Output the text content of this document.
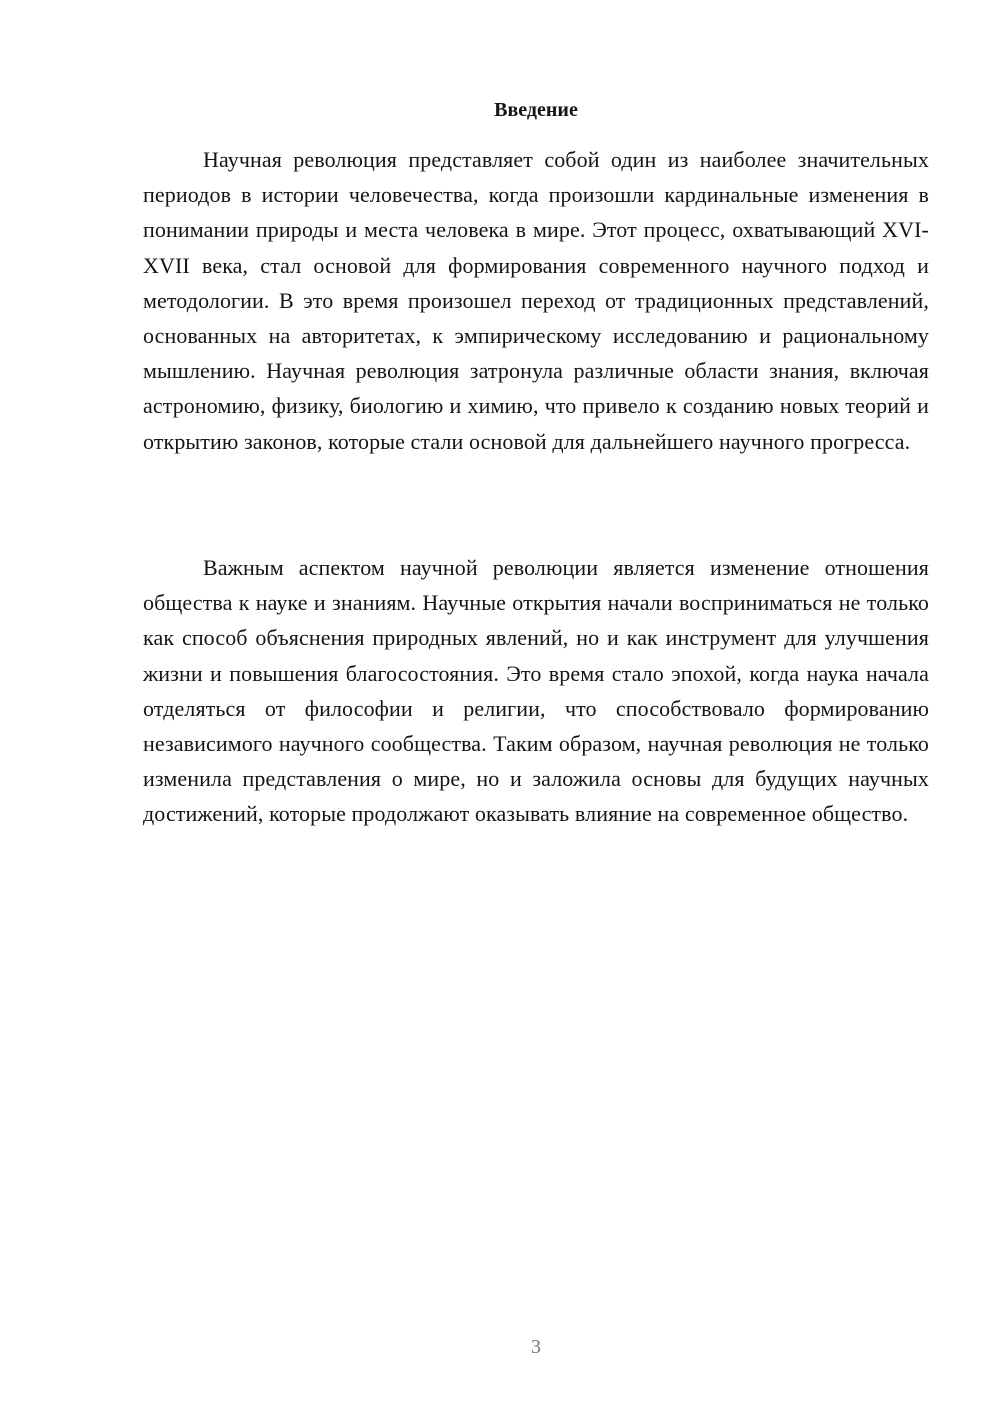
Введение

Научная революция представляет собой один из наиболее значительных периодов в истории человечества, когда произошли кардинальные изменения в понимании природы и места человека в мире. Этот процесс, охватывающий XVI-XVII века, стал основой для формирования современного научного подход и методологии. В это время произошел переход от традиционных представлений, основанных на авторитетах, к эмпирическому исследованию и рациональному мышлению. Научная революция затронула различные области знания, включая астрономию, физику, биологию и химию, что привело к созданию новых теорий и открытию законов, которые стали основой для дальнейшего научного прогресса.

Важным аспектом научной революции является изменение отношения общества к науке и знаниям. Научные открытия начали восприниматься не только как способ объяснения природных явлений, но и как инструмент для улучшения жизни и повышения благосостояния. Это время стало эпохой, когда наука начала отделяться от философии и религии, что способствовало формированию независимого научного сообщества. Таким образом, научная революция не только изменила представления о мире, но и заложила основы для будущих научных достижений, которые продолжают оказывать влияние на современное общество.

3
